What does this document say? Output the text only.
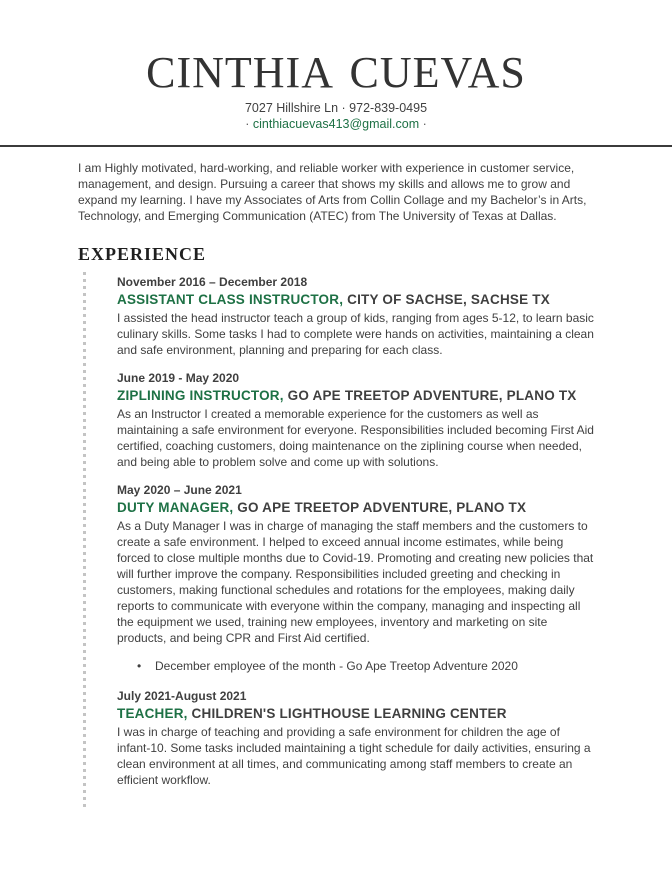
CINTHIA CUEVAS
7027 Hillshire Ln · 972-839-0495
· cinthiacuevas413@gmail.com ·

I am Highly motivated, hard-working, and reliable worker with experience in customer service, management, and design. Pursuing a career that shows my skills and allows me to grow and expand my learning. I have my Associates of Arts from Collin Collage and my Bachelor’s in Arts, Technology, and Emerging Communication (ATEC) from The University of Texas at Dallas.

EXPERIENCE
November 2016 – December 2018
ASSISTANT CLASS INSTRUCTOR, CITY OF SACHSE, SACHSE TX

I assisted the head instructor teach a group of kids, ranging from ages 5-12, to learn basic culinary skills. Some tasks I had to complete were hands on activities, maintaining a clean and safe environment, planning and preparing for each class.

June 2019 - May 2020
ZIPLINING INSTRUCTOR, GO APE TREETOP ADVENTURE, PLANO TX

As an Instructor I created a memorable experience for the customers as well as maintaining a safe environment for everyone. Responsibilities included becoming First Aid certified, coaching customers, doing maintenance on the ziplining course when needed, and being able to problem solve and come up with solutions.

May 2020 – June 2021
DUTY MANAGER, GO APE TREETOP ADVENTURE, PLANO TX

As a Duty Manager I was in charge of managing the staff members and the customers to create a safe environment. I helped to exceed annual income estimates, while being forced to close multiple months due to Covid-19. Promoting and creating new policies that will further improve the company. Responsibilities included greeting and checking in customers, making functional schedules and rotations for the employees, making daily reports to communicate with everyone within the company, managing and inspecting all the equipment we used, training new employees, inventory and marketing on site products, and being CPR and First Aid certified.

• December employee of the month - Go Ape Treetop Adventure 2020
July 2021-August 2021
TEACHER, CHILDREN'S LIGHTHOUSE LEARNING CENTER

I was in charge of teaching and providing a safe environment for children the age of infant-10. Some tasks included maintaining a tight schedule for daily activities, ensuring a clean environment at all times, and communicating among staff members to create an efficient workflow.
